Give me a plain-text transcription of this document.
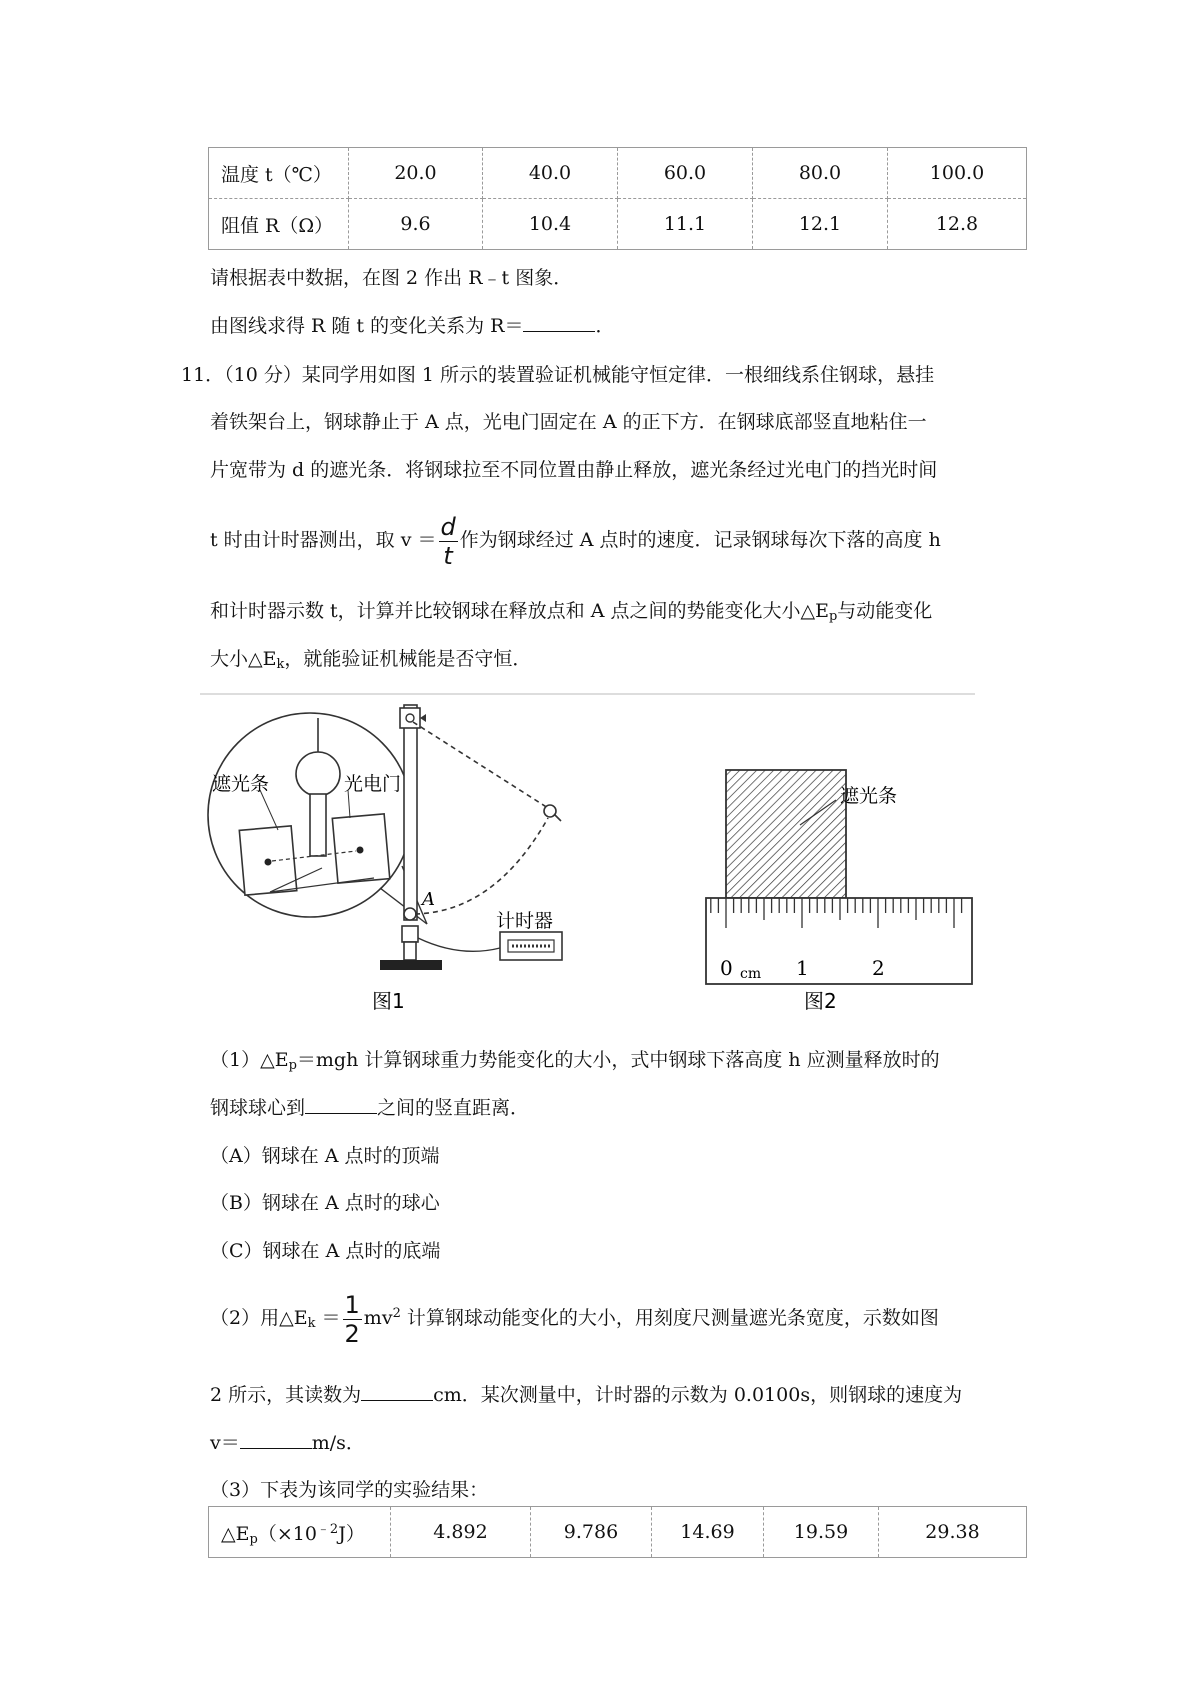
温度 t（℃）	20.0	40.0	60.0	80.0	100.0
阻值 R（Ω）	9.6	10.4	11.1	12.1	12.8
请根据表中数据，在图 2 作出 R﹣t 图象．
由图线求得 R 随 t 的变化关系为 R＝	．
11．（10 分）某同学用如图 1 所示的装置验证机械能守恒定律．一根细线系住钢球，悬挂
着铁架台上，钢球静止于 A 点，光电门固定在 A 的正下方．在钢球底部竖直地粘住一
片宽带为 d 的遮光条．将钢球拉至不同位置由静止释放，遮光条经过光电门的挡光时间
t 时由计时器测出，取 $v = \frac{d}{t}$ 作为钢球经过 A 点时的速度．记录钢球每次下落的高度 h
和计时器示数 t，计算并比较钢球在释放点和 A 点之间的势能变化大小$\triangle E_p$与动能变化
大小$\triangle E_k$，就能验证机械能是否守恒．
遮光条	光电门
A
计时器
图1
遮光条
0 cm 1	2
图2
$(1)\triangle E_p=mgh$ 计算钢球重力势能变化的大小，式中钢球下落高度 h 应测量释放时的
钢球球心到	之间的竖直距离．
（A）钢球在 A 点时的顶端
（B）钢球在 A 点时的球心
（C）钢球在 A 点时的底端
（2）用$\triangle E_k = \frac{1}{2} mv^2$ 计算钢球动能变化的大小，用刻度尺测量遮光条宽度，示数如图
2 所示，其读数为	cm．某次测量中，计时器的示数为 0.0100s，则钢球的速度为
v＝	m/s．
（3）下表为该同学的实验结果：
$\triangle E_p(\times 10^{﹣2}J)$	4.892	9.786	14.69	19.59	29.38
